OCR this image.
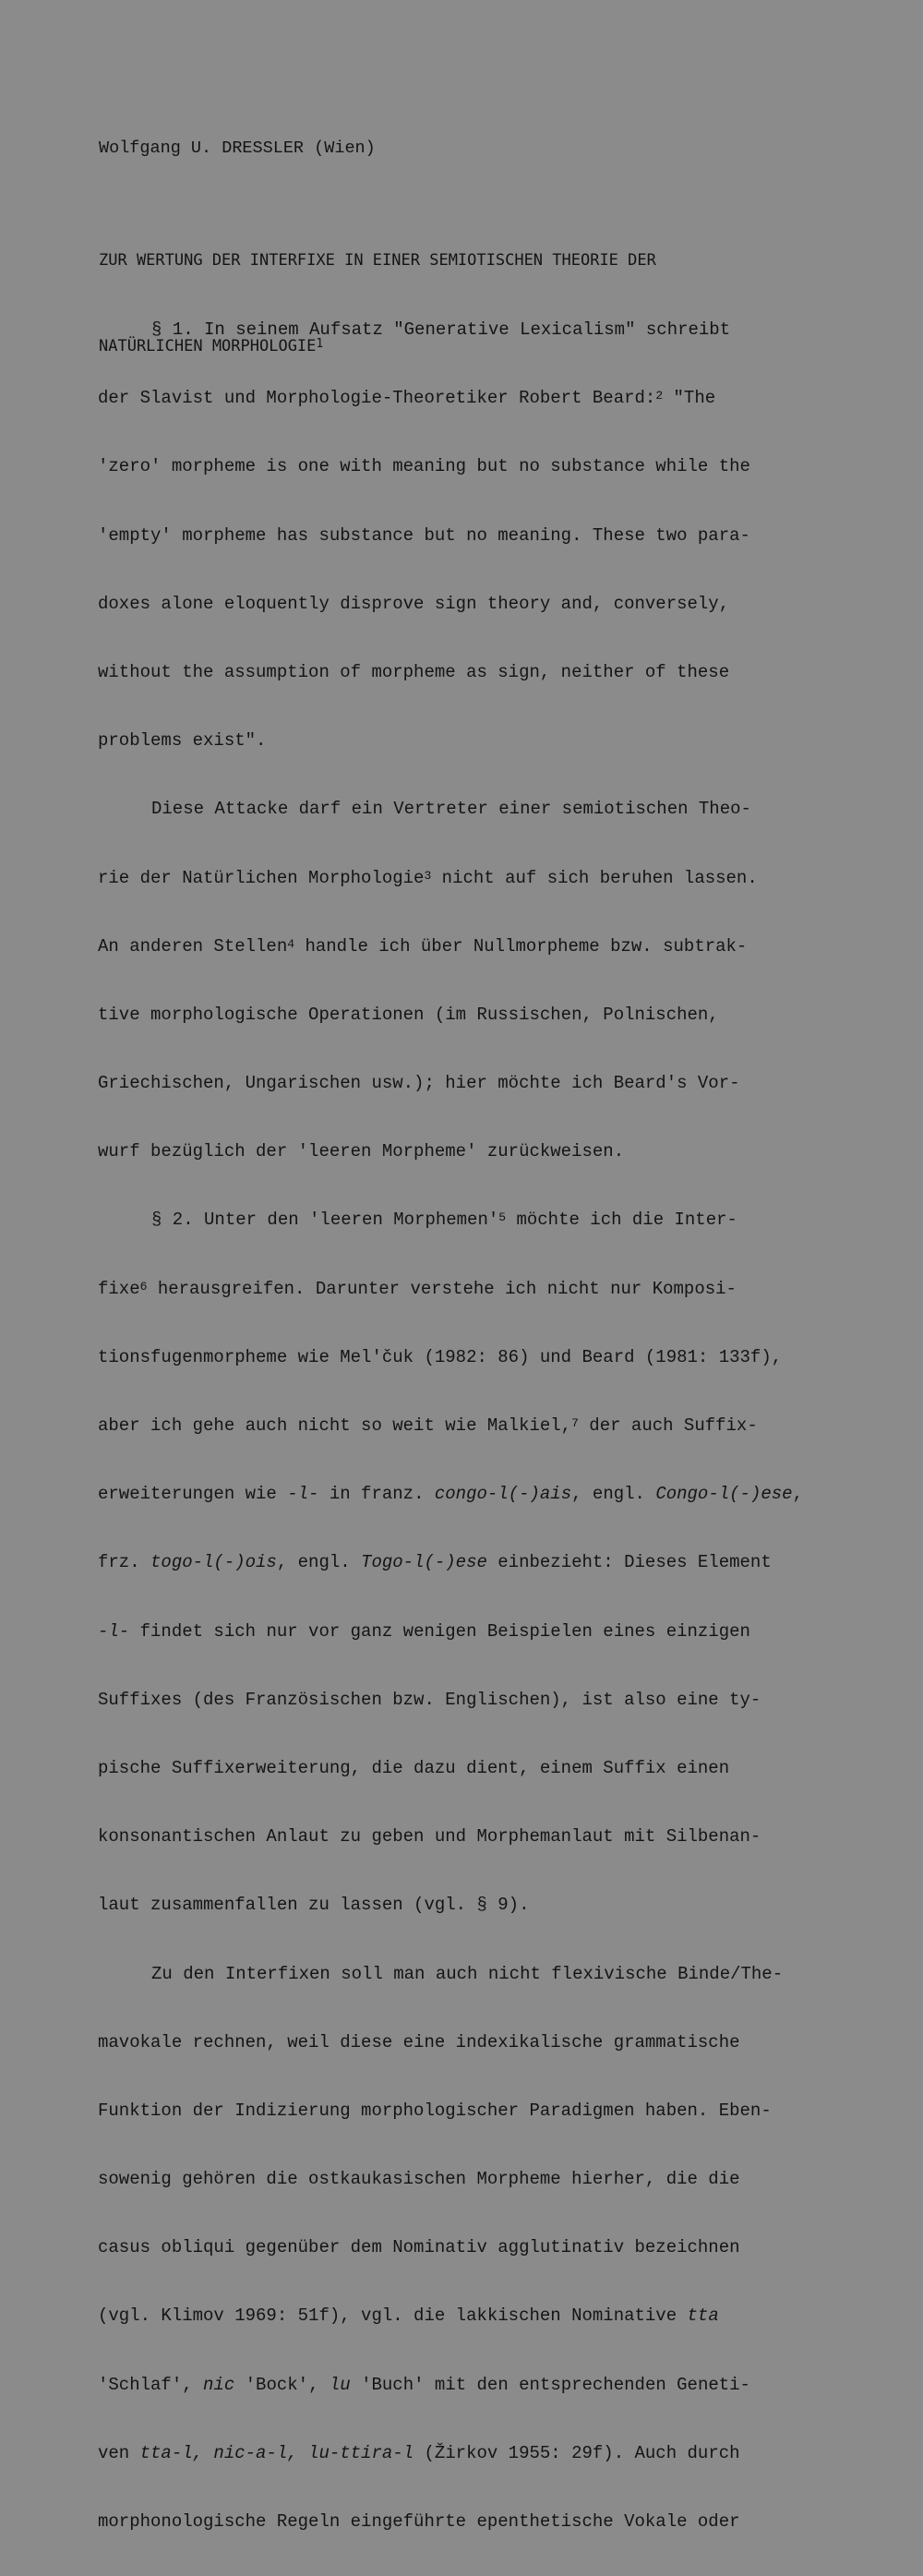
Wolfgang U. DRESSLER (Wien)

ZUR WERTUNG DER INTERFIXE IN EINER SEMIOTISCHEN THEORIE DER

NATÜRLICHEN MORPHOLOGIE$^1$

§ 1. In seinem Aufsatz "Generative Lexicalism" schreibt

der Slavist und Morphologie-Theoretiker Robert Beard:$^2$ "The

'zero' morpheme is one with meaning but no substance while the

'empty' morpheme has substance but no meaning. These two para-

doxes alone eloquently disprove sign theory and, conversely,

without the assumption of morpheme as sign, neither of these

problems exist".

Diese Attacke darf ein Vertreter einer semiotischen Theo-

rie der Natürlichen Morphologie$^3$ nicht auf sich beruhen lassen.

An anderen Stellen$^4$ handle ich über Nullmorpheme bzw. subtrak-

tive morphologische Operationen (im Russischen, Polnischen,

Griechischen, Ungarischen usw.); hier möchte ich Beard's Vor-

wurf bezüglich der 'leeren Morpheme' zurückweisen.

§ 2. Unter den 'leeren $Morphemen'^5$ möchte ich die Inter-

fixe$^6$ herausgreifen. Darunter verstehe ich nicht nur Komposi-

tionsfugenmorpheme wie Mel'čuk (1982: 86) und Beard (1981: 133f),

aber ich gehe auch nicht so weit wie Malkiel,$^7$ der auch Suffix-

erweiterungen wie -l- in franz. congo-l(-)ais, engl. Congo-l(-)ese,

frz. togo-l(-)ois, engl. Togo-l(-)ese einbezieht: Dieses Element

-l- findet sich nur vor ganz wenigen Beispielen eines einzigen

Suffixes (des Französischen bzw. Englischen), ist also eine ty-

pische Suffixerweiterung, die dazu dient, einem Suffix einen

konsonantischen Anlaut zu geben und Morphemanlaut mit Silbenan-

laut zusammenfallen zu lassen (vgl. § 9).

Zu den Interfixen soll man auch nicht flexivische Binde/The-

mavokale rechnen, weil diese eine indexikalische grammatische

Funktion der Indizierung morphologischer Paradigmen haben. Eben-

sowenig gehören die ostkaukasischen Morpheme hierher, die die

casus obliqui gegenüber dem Nominativ agglutinativ bezeichnen

(vgl. Klimov 1969: 51f), vgl. die lakkischen Nominative tta

'Schlaf', nic 'Bock', lu 'Buch' mit den entsprechenden Geneti-

ven tta-l, nic-a-l, lu-ttira-l (Žirkov 1955: 29f). Auch durch

morphonologische Regeln eingeführte epenthetische Vokale oder
